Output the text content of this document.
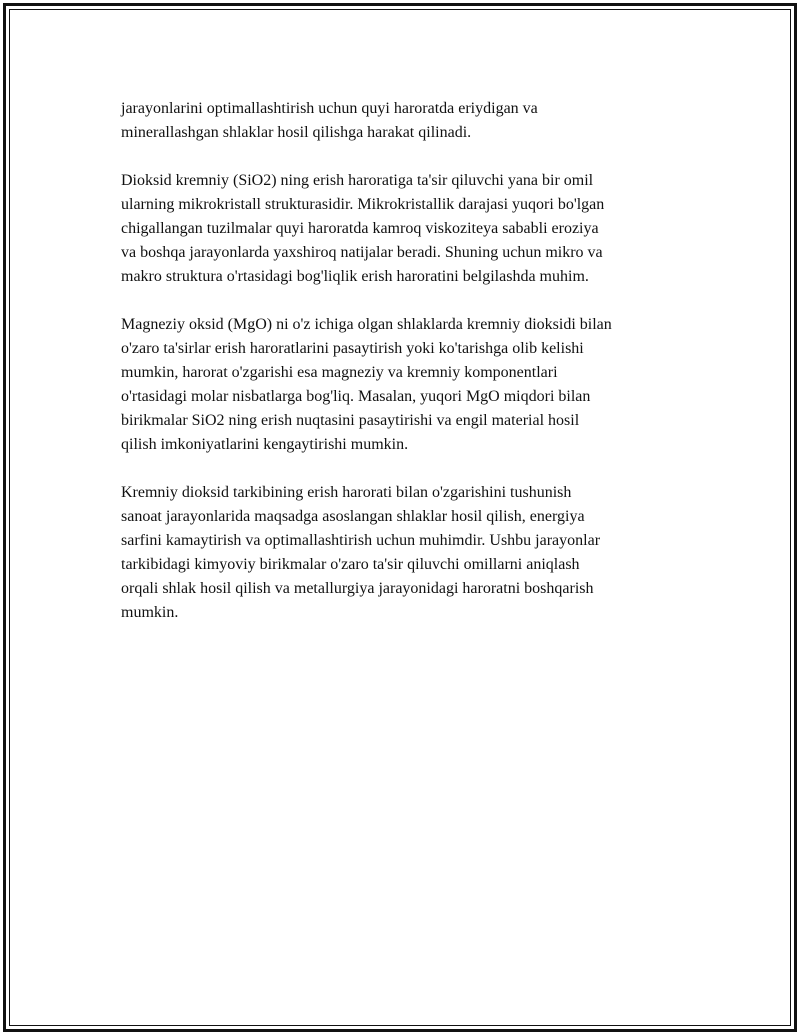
jarayonlarini optimallashtirish uchun quyi haroratda eriydigan va
minerallashgan shlaklar hosil qilishga harakat qilinadi.

Dioksid kremniy (SiO2) ning erish haroratiga ta'sir qiluvchi yana bir omil
ularning mikrokristall strukturasidir. Mikrokristallik darajasi yuqori bo'lgan
chigallangan tuzilmalar quyi haroratda kamroq viskoziteya sababli eroziya
va boshqa jarayonlarda yaxshiroq natijalar beradi. Shuning uchun mikro va
makro struktura o'rtasidagi bog'liqlik erish haroratini belgilashda muhim.

Magneziy oksid (MgO) ni o'z ichiga olgan shlaklarda kremniy dioksidi bilan
o'zaro ta'sirlar erish haroratlarini pasaytirish yoki ko'tarishga olib kelishi
mumkin, harorat o'zgarishi esa magneziy va kremniy komponentlari
o'rtasidagi molar nisbatlarga bog'liq. Masalan, yuqori MgO miqdori bilan
birikmalar SiO2 ning erish nuqtasini pasaytirishi va engil material hosil
qilish imkoniyatlarini kengaytirishi mumkin.

Kremniy dioksid tarkibining erish harorati bilan o'zgarishini tushunish
sanoat jarayonlarida maqsadga asoslangan shlaklar hosil qilish, energiya
sarfini kamaytirish va optimallashtirish uchun muhimdir. Ushbu jarayonlar
tarkibidagi kimyoviy birikmalar o'zaro ta'sir qiluvchi omillarni aniqlash
orqali shlak hosil qilish va metallurgiya jarayonidagi haroratni boshqarish
mumkin.
